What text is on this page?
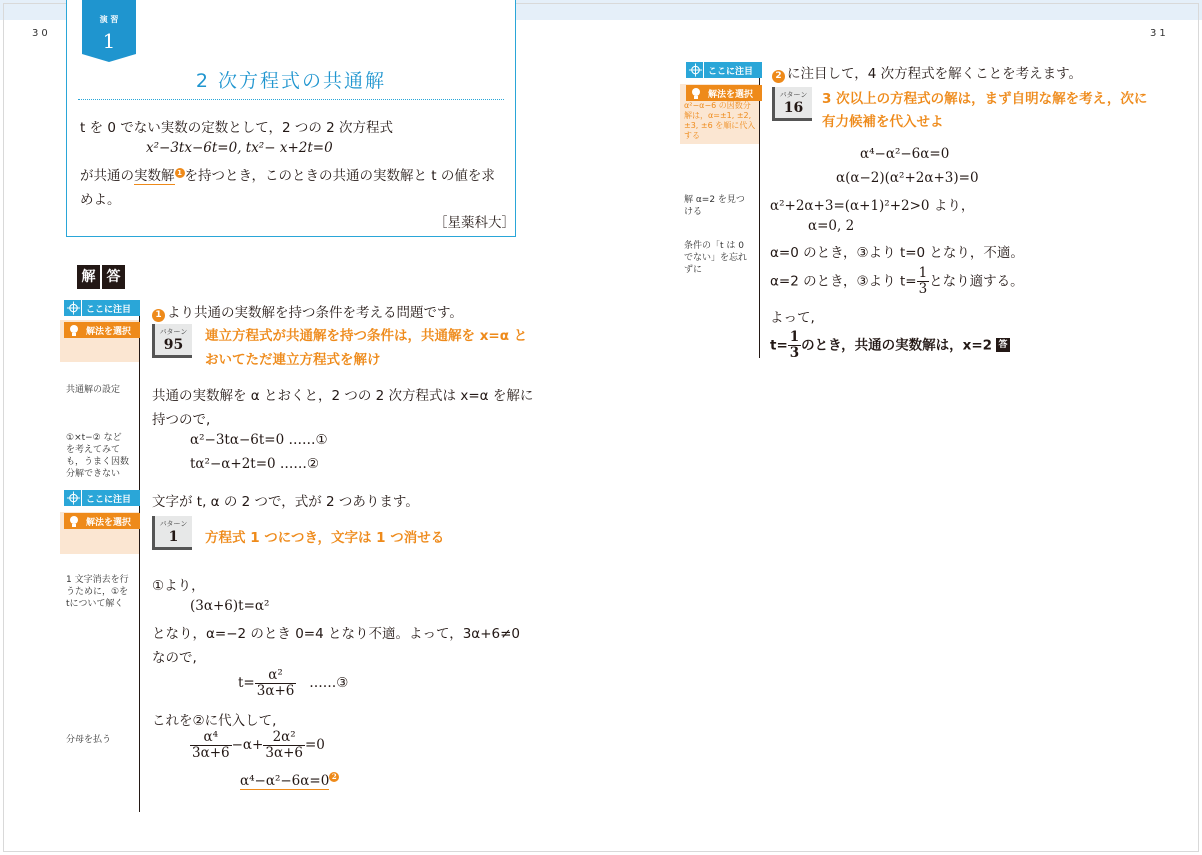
30	31
演 習
1
2 次方程式の共通解
t を 0 でない実数の定数として，2 つの 2 次方程式
x²−3tx−6t=0, tx²− x+2t=0
が共通の実数解 1 を持つとき，このときの共通の実数解と t の値を求
めよ。
［星薬科大］
解 答
ここに注目
解法を選択
1 より共通の実数解を持つ条件を考える問題です。
パターン
95
連立方程式が共通解を持つ条件は，共通解を x=α と
おいてただ連立方程式を解け
共通解の設定 共通の実数解を α とおくと，2 つの 2 次方程式は x=α を解に
持つので,
α²−3tα−6t=0 ……①
tα²−α+2t=0 ……②
①×t−② など を考えてみて も，うまく因数 分解できない
ここに注目
解法を選択
文字が t, α の 2 つで，式が 2 つあります。
パターン
1	方程式 1 つにつき，文字は 1 つ消せる
1 文字消去を行 うために，①を tについて解く
①より，
(3α+6)t=α²
となり，α=−2 のとき 0=4 となり不適。よって，3α+6≠0
なので,
$t= \frac{\text{α²}}{3\alpha+6}$ ……③
これを②に代入して,
分母を払う	$\frac{\text{α⁴}}{3\alpha+6} -\alpha+ \frac{\text{2α²}}{3\alpha+6} =0$
α⁴−α²−6α=0 2
ここに注目
解法を選択
α²−α−6 の因数分解は，α=±1, ±2, ±3, ±6 を順に代入する
2 に注目して，4 次方程式を解くことを考えます。
パターン
16
3 次以上の方程式の解は，まず自明な解を考え，次に
有力候補を代入せよ
α⁴−α²−6α=0
α(α−2)(α²+2α+3)=0
解 α=2 を見つ ける	α²+2α+3=(α+1)²+2>0 より，
α=0, 2
条件の「t は 0 でない」を忘れ ずに
α=0 のとき，③より t=0 となり，不適。
α=2 のとき，③より $t= \frac{1}{3}$ となり適する。
よって,
$t= \frac{1}{3}$ のとき，共通の実数解は，x=2 答
